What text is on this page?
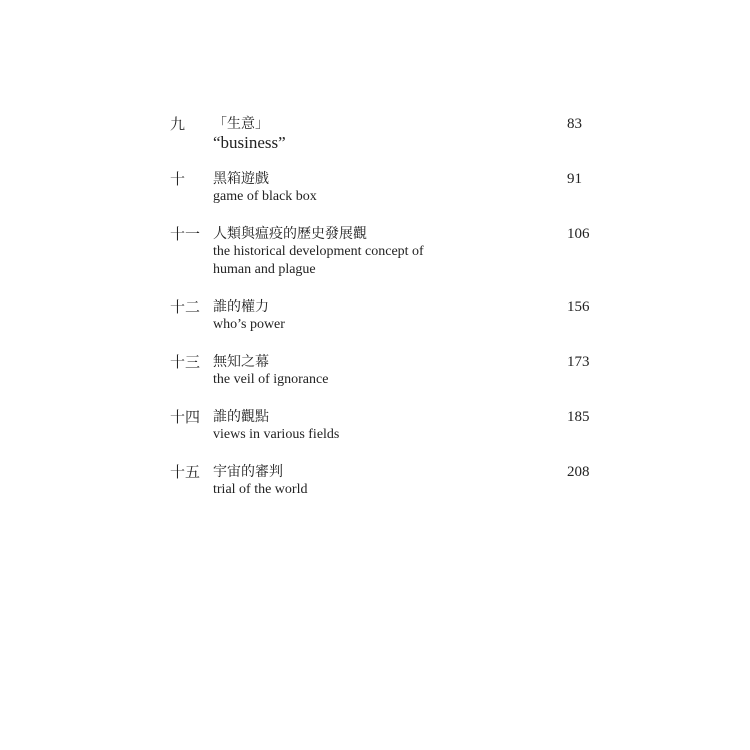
九 「生意」
“business”
83
十 黑箱遊戲
game of black box
91
十一 人類與瘟疫的歷史發展觀
the historical development concept of human and plague
106
十二 誰的權力
who’s power
156
十三 無知之幕
the veil of ignorance
173
十四 誰的觀點
views in various fields
185
十五 宇宙的審判
trial of the world
208
